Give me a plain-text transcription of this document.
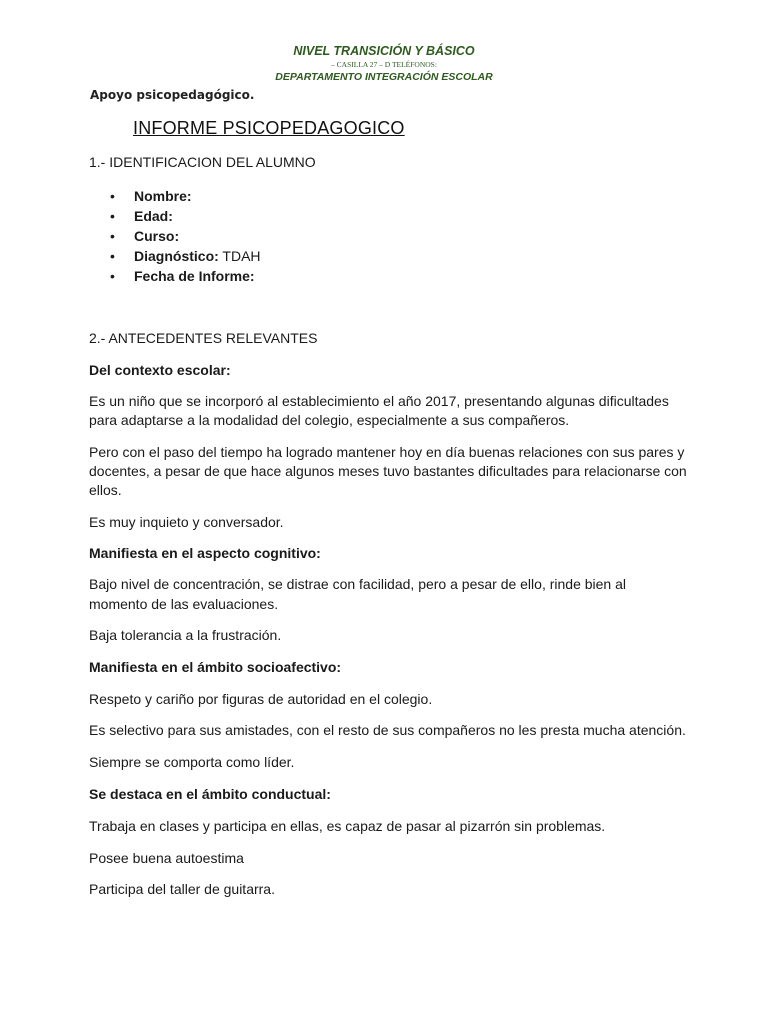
NIVEL TRANSICIÓN Y BÁSICO
– CASILLA 27 – D TELÉFONOS:
DEPARTAMENTO INTEGRACIÓN ESCOLAR
Apoyo psicopedagógico.
INFORME PSICOPEDAGOGICO
1.- IDENTIFICACION DEL ALUMNO
• Nombre:
• Edad:
• Curso:
• Diagnóstico: TDAH
• Fecha de Informe:
2.- ANTECEDENTES RELEVANTES
Del contexto escolar:
Es un niño que se incorporó al establecimiento el año 2017, presentando algunas dificultades
para adaptarse a la modalidad del colegio, especialmente a sus compañeros.
Pero con el paso del tiempo ha logrado mantener hoy en día buenas relaciones con sus pares y
docentes, a pesar de que hace algunos meses tuvo bastantes dificultades para relacionarse con
ellos.
Es muy inquieto y conversador.
Manifiesta en el aspecto cognitivo:
Bajo nivel de concentración, se distrae con facilidad, pero a pesar de ello, rinde bien al
momento de las evaluaciones.
Baja tolerancia a la frustración.
Manifiesta en el ámbito socioafectivo:
Respeto y cariño por figuras de autoridad en el colegio.
Es selectivo para sus amistades, con el resto de sus compañeros no les presta mucha atención.
Siempre se comporta como líder.
Se destaca en el ámbito conductual:
Trabaja en clases y participa en ellas, es capaz de pasar al pizarrón sin problemas.
Posee buena autoestima
Participa del taller de guitarra.
